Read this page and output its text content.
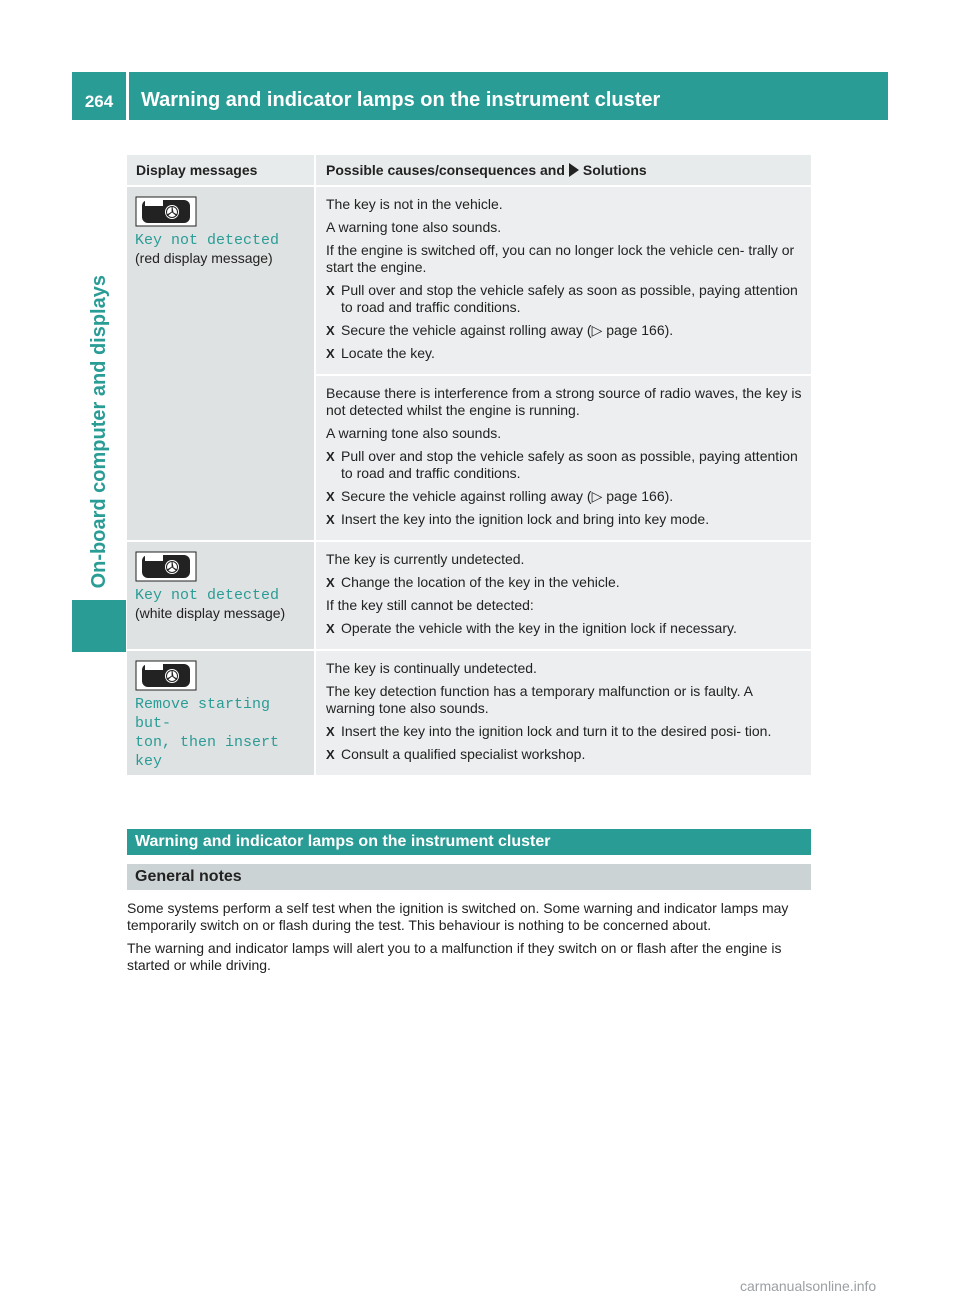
264	Warning and indicator lamps on the instrument cluster
On-board computer and displays
Display messages	Possible causes/consequences and Solutions
Key not detected
(red display message)

The key is not in the vehicle.

A warning tone also sounds.

If the engine is switched off, you can no longer lock the vehicle cen- trally or start the engine.

X Pull over and stop the vehicle safely as soon as possible, paying attention to road and traffic conditions.
X Secure the vehicle against rolling away (▷ page 166).
X Locate the key.

Because there is interference from a strong source of radio waves, the key is not detected whilst the engine is running.

A warning tone also sounds.

X Pull over and stop the vehicle safely as soon as possible, paying attention to road and traffic conditions.
X Secure the vehicle against rolling away (▷ page 166).
X Insert the key into the ignition lock and bring into key mode.
Key not detected
(white display message)

The key is currently undetected.

X Change the location of the key in the vehicle.

If the key still cannot be detected:

X Operate the vehicle with the key in the ignition lock if necessary.
Remove starting but‑
ton, then insert key

The key is continually undetected.

The key detection function has a temporary malfunction or is faulty. A warning tone also sounds.

X Insert the key into the ignition lock and turn it to the desired posi- tion.
X Consult a qualified specialist workshop.
Warning and indicator lamps on the instrument cluster
General notes

Some systems perform a self test when the ignition is switched on. Some warning and indicator lamps may temporarily switch on or flash during the test. This behaviour is nothing to be concerned about.

The warning and indicator lamps will alert you to a malfunction if they switch on or flash after the engine is started or while driving.

carmanualsonline.info
